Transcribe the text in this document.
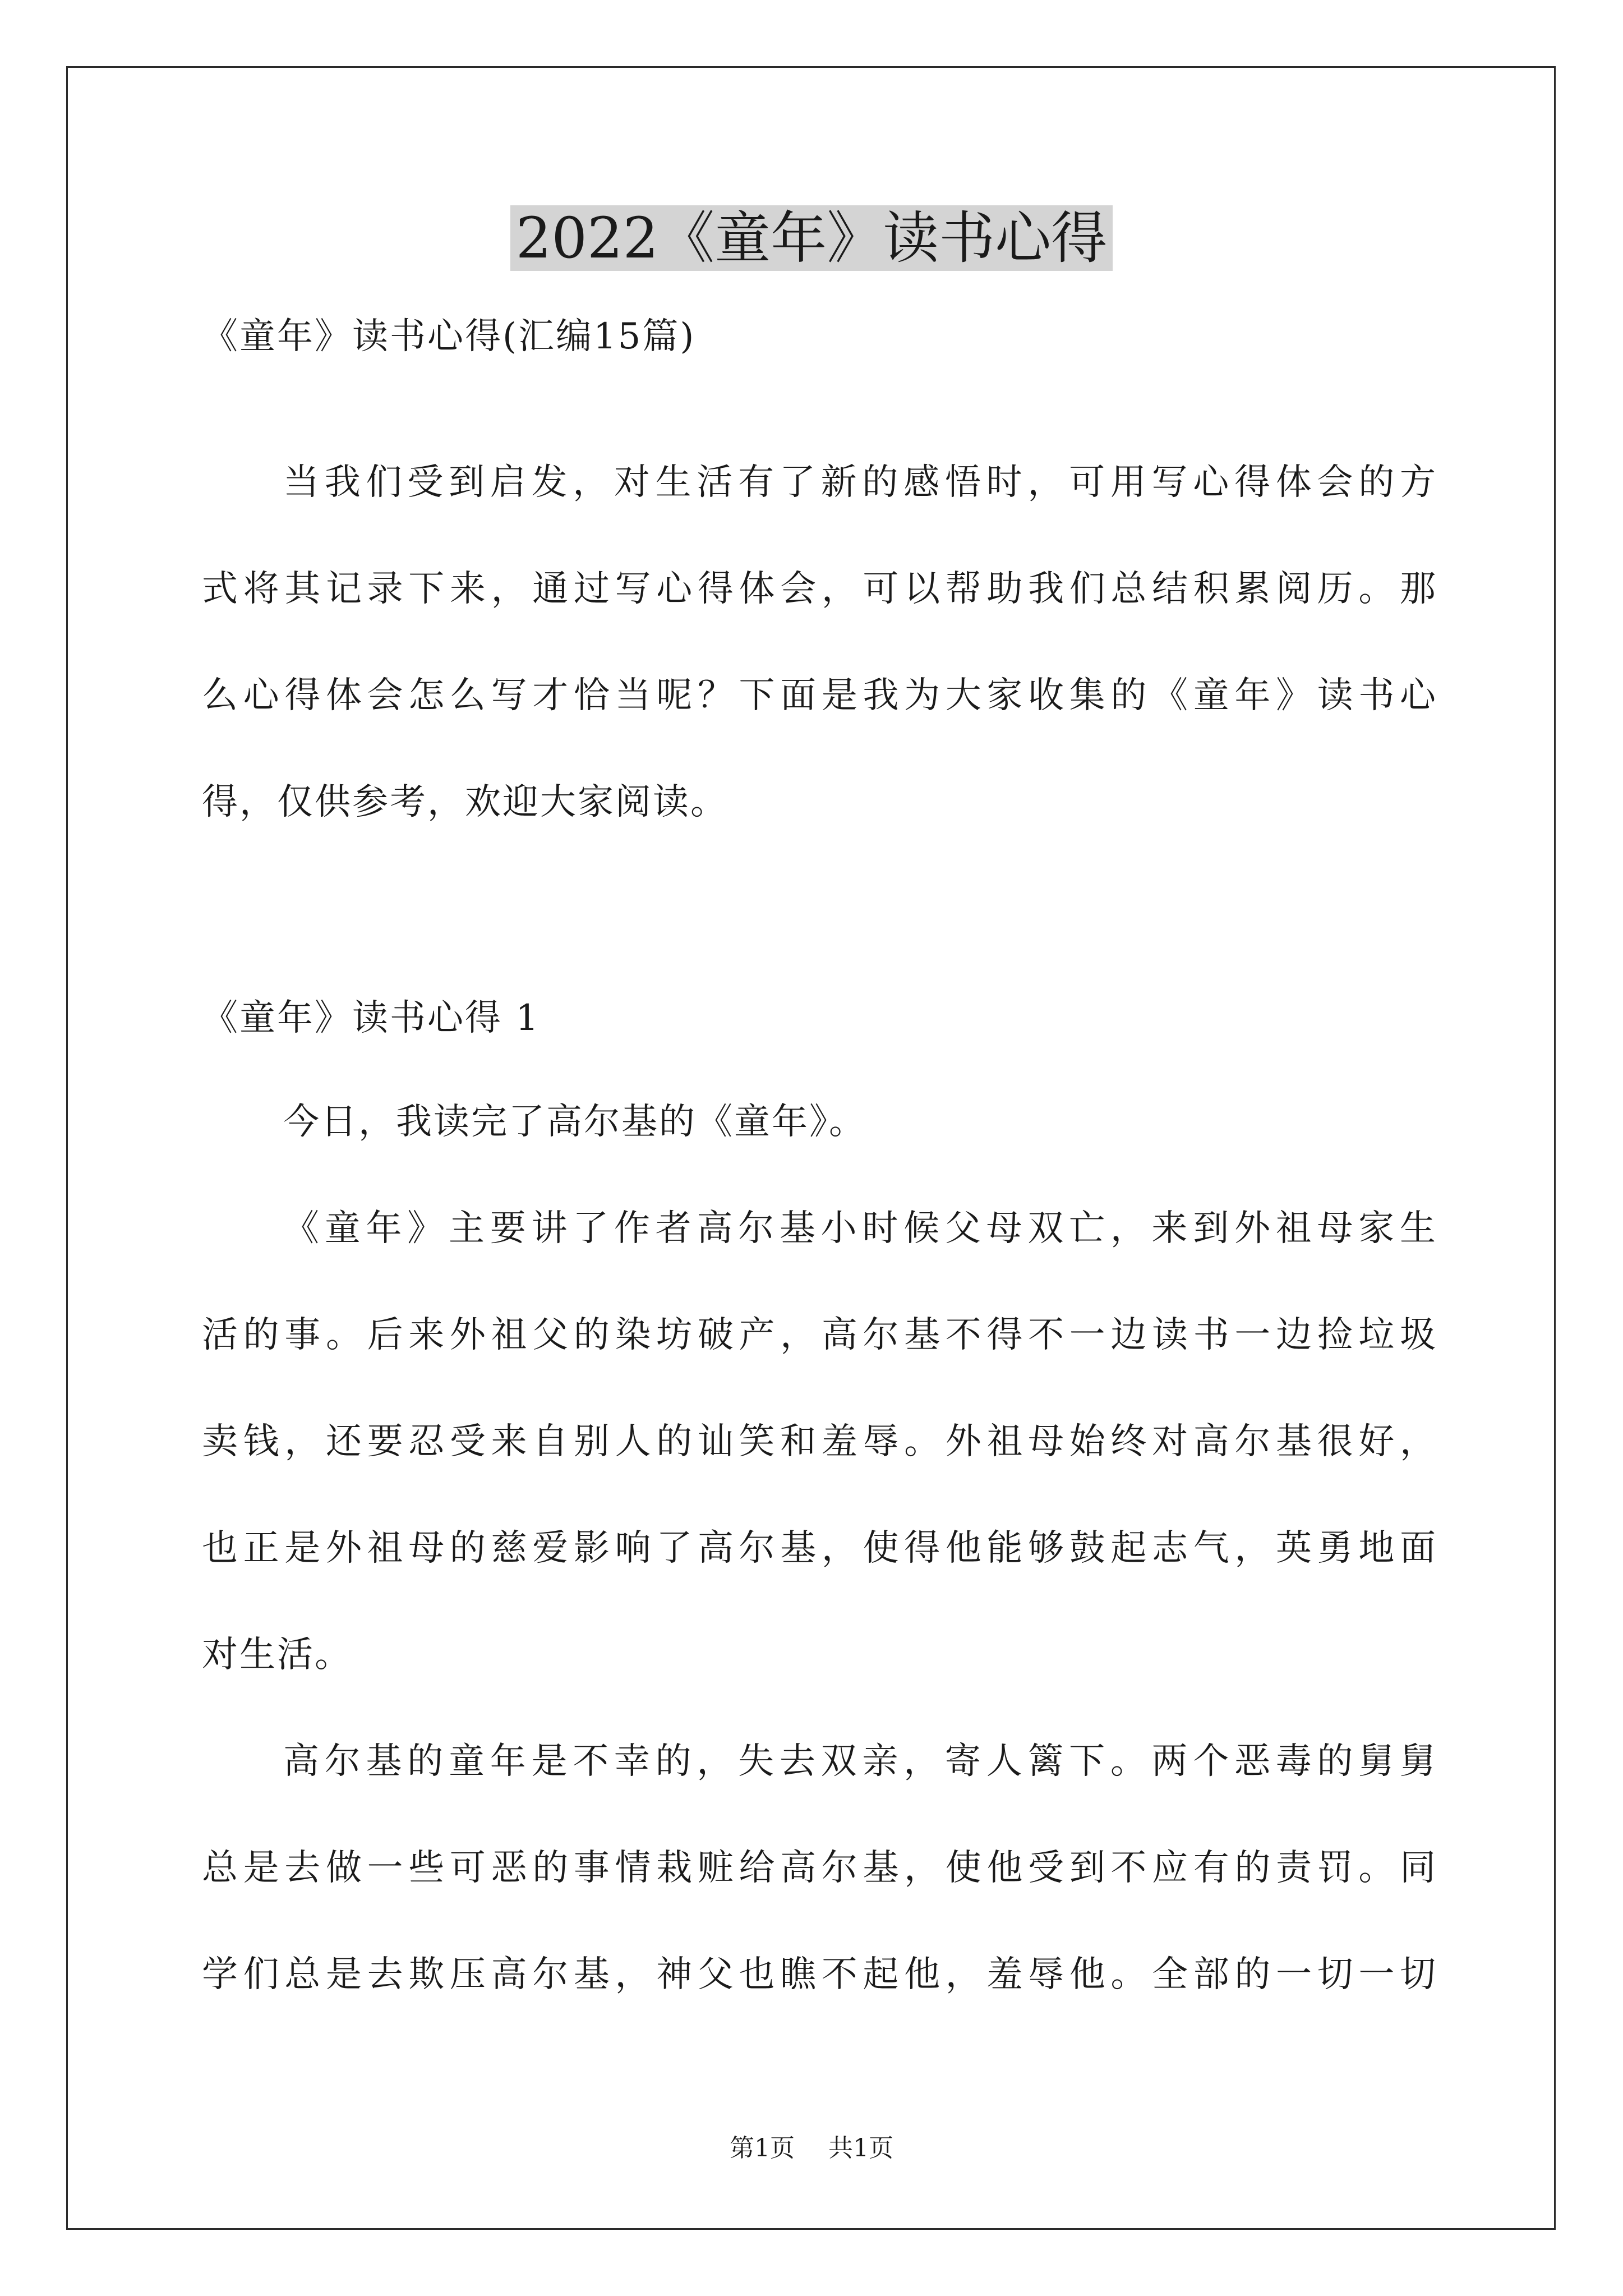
2022《童年》读书心得
《童年》读书心得(汇编15篇)
当我们受到启发，对生活有了新的感悟时，可用写心得体会的方
式将其记录下来，通过写心得体会，可以帮助我们总结积累阅历。那
么心得体会怎么写才恰当呢？下面是我为大家收集的《童年》读书心
得，仅供参考，欢迎大家阅读。
《童年》读书心得 1
今日，我读完了高尔基的《童年》。
《童年》主要讲了作者高尔基小时候父母双亡，来到外祖母家生
活的事。后来外祖父的染坊破产，高尔基不得不一边读书一边捡垃圾
卖钱，还要忍受来自别人的讪笑和羞辱。外祖母始终对高尔基很好，
也正是外祖母的慈爱影响了高尔基，使得他能够鼓起志气，英勇地面
对生活。
高尔基的童年是不幸的，失去双亲，寄人篱下。两个恶毒的舅舅
总是去做一些可恶的事情栽赃给高尔基，使他受到不应有的责罚。同
学们总是去欺压高尔基，神父也瞧不起他，羞辱他。全部的一切一切
第1页 共1页
